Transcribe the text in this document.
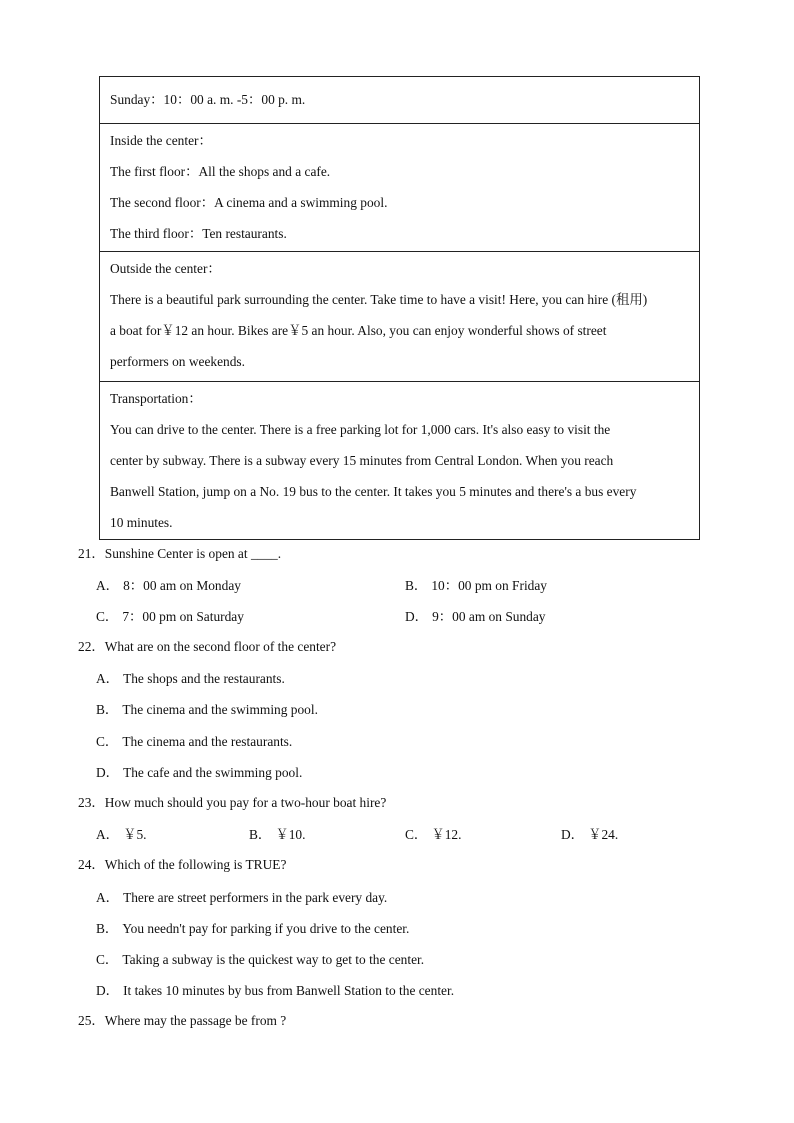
Sunday：10：00 a. m. -5：00 p. m.

Inside the center：
The first floor：All the shops and a cafe.
The second floor：A cinema and a swimming pool.
The third floor：Ten restaurants.

Outside the center：
There is a beautiful park surrounding the center. Take time to have a visit! Here, you can hire (租用)
a boat for￥12 an hour. Bikes are￥5 an hour. Also, you can enjoy wonderful shows of street
performers on weekends.

Transportation：
You can drive to the center. There is a free parking lot for 1,000 cars. It's also easy to visit the
center by subway. There is a subway every 15 minutes from Central London. When you reach
Banwell Station, jump on a No. 19 bus to the center. It takes you 5 minutes and there's a bus every
10 minutes.
21．Sunshine Center is open at ____.
A． 8：00 am on Monday	B． 10：00 pm on Friday
C． 7：00 pm on Saturday	D． 9：00 am on Sunday
22．What are on the second floor of the center?
A． The shops and the restaurants.
B． The cinema and the swimming pool.
C． The cinema and the restaurants.
D． The cafe and the swimming pool.
23．How much should you pay for a two-hour boat hire?
A． ￥5.	B． ￥10.	C． ￥12.	D． ￥24.
24．Which of the following is TRUE?
A． There are street performers in the park every day.
B． You needn't pay for parking if you drive to the center.
C． Taking a subway is the quickest way to get to the center.
D． It takes 10 minutes by bus from Banwell Station to the center.
25．Where may the passage be from ?
